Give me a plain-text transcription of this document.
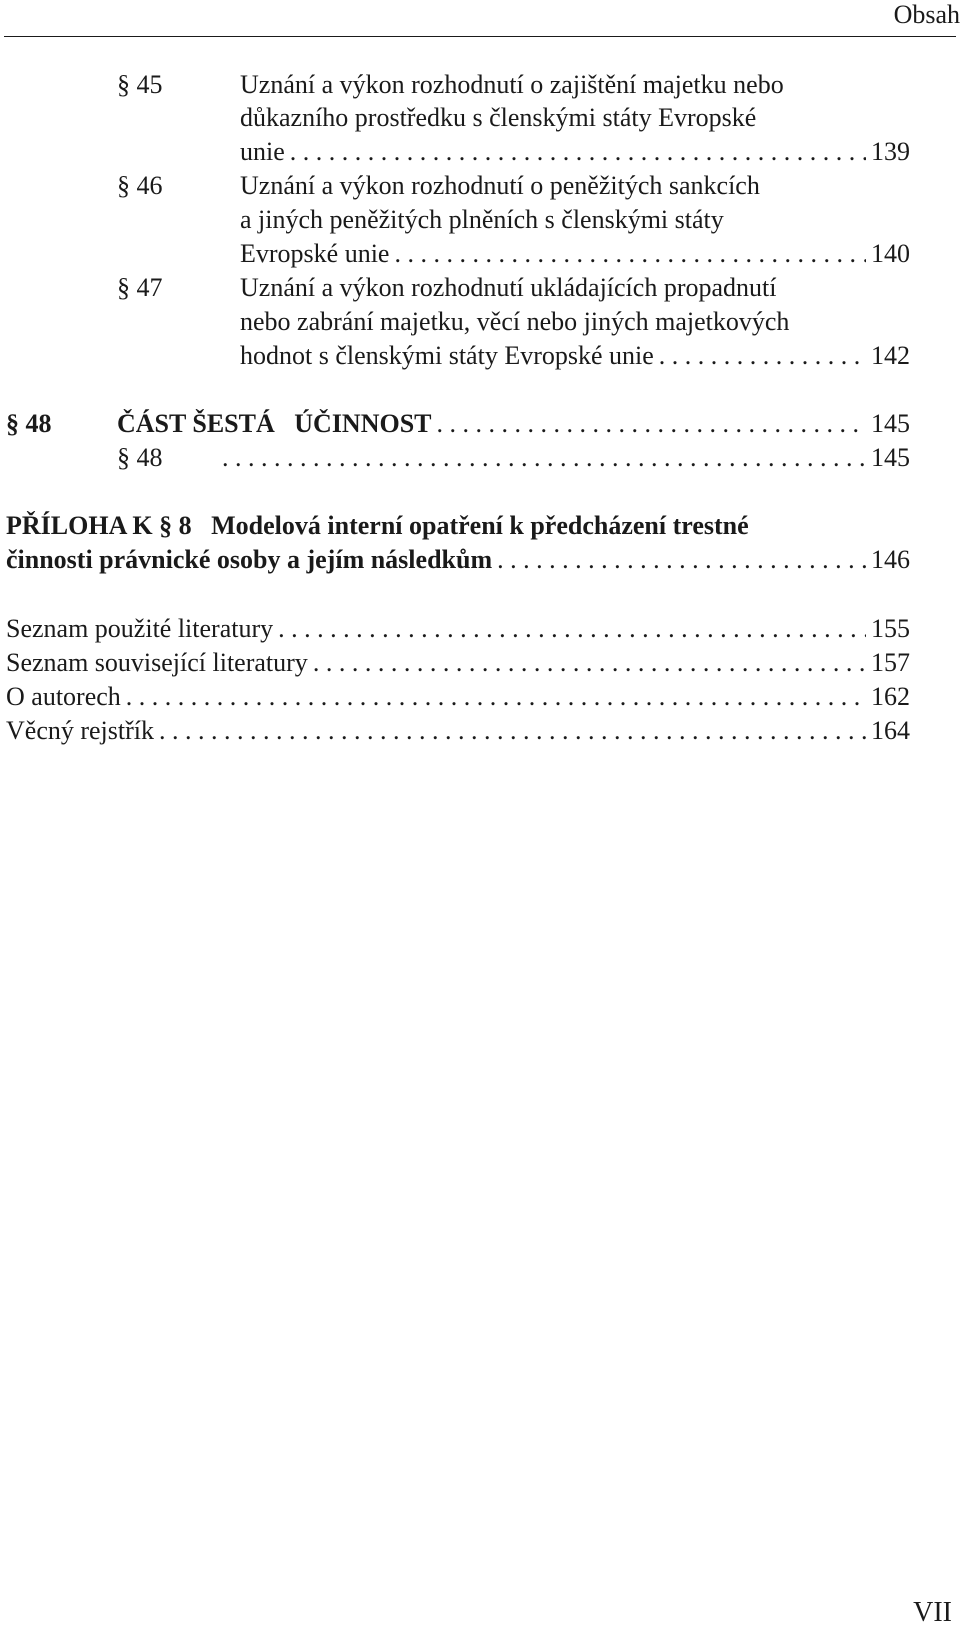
Obsah
§ 45	Uznání a výkon rozhodnutí o zajištění majetku nebo
důkazního prostředku s členskými státy Evropské
unie . . .	139
§ 46	Uznání a výkon rozhodnutí o peněžitých sankcích
a jiných peněžitých plněních s členskými státy
Evropské unie . . .	140
§ 47	Uznání a výkon rozhodnutí ukládajících propadnutí
nebo zabrání majetku, věcí nebo jiných majetkových
hodnot s členskými státy Evropské unie . . .	142
§ 48	ČÁST ŠESTÁ   ÚČINNOST . . .	145
§ 48 . . .	145
PŘÍLOHA K § 8   Modelová interní opatření k předcházení trestné
činnosti právnické osoby a jejím následkům . . .	146
Seznam použité literatury . . .	155
Seznam související literatury . . .	157
O autorech . . .	162
Věcný rejstřík . . .	164
VII
